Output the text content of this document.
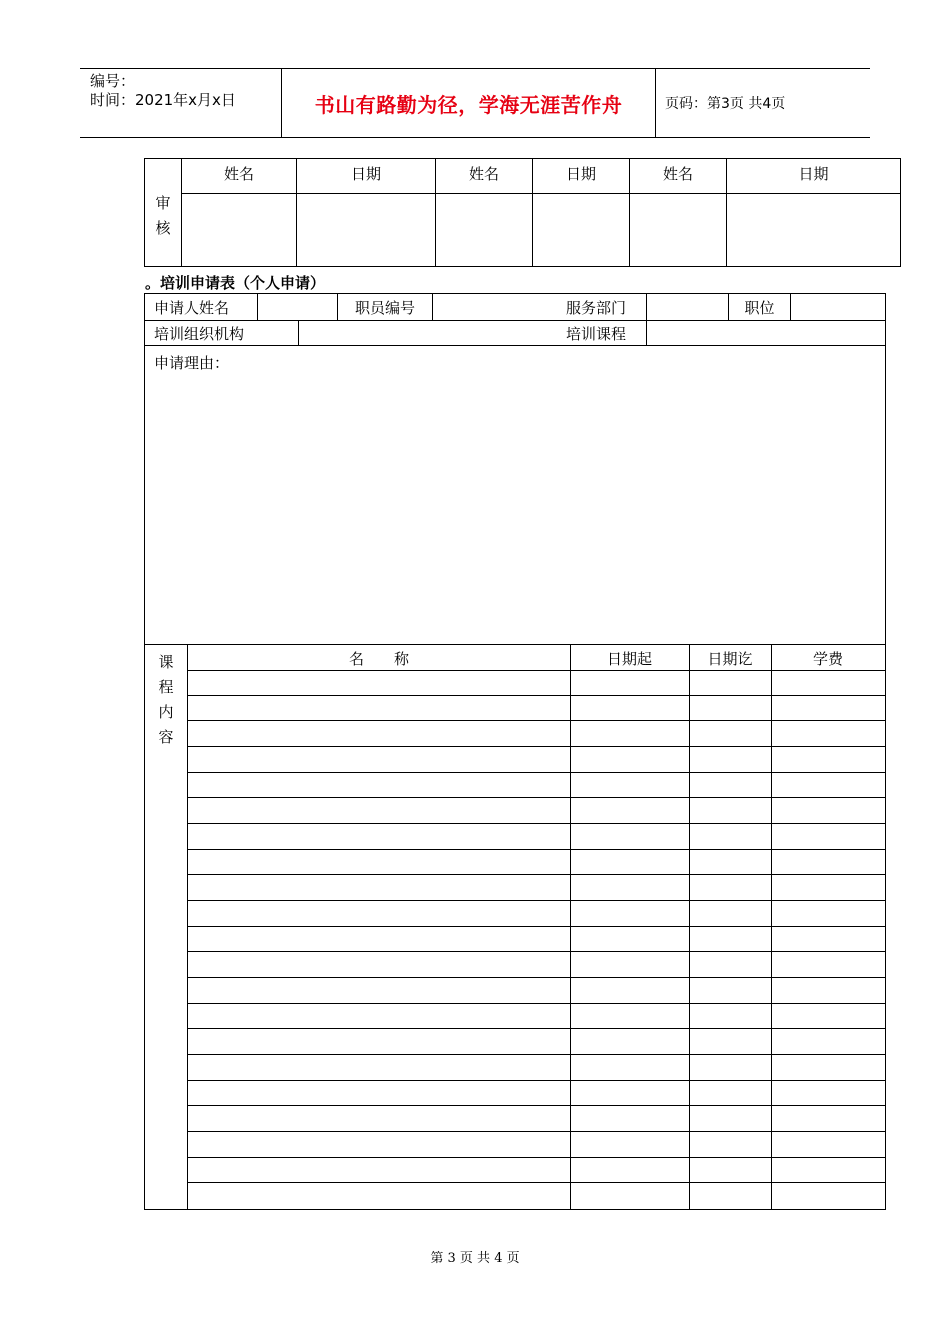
编号：
时间：2021年x月x日	书山有路勤为径，学海无涯苦作舟	页码：第3页 共4页
审核	姓名	日期	姓名	日期	姓名	日期

。培训申请表（个人申请）
申请人姓名	职员编号	服务部门	职位
培训组织机构	培训课程
申请理由：
课程内容
名　　称	日期起	日期讫	学费
第 3 页 共 4 页
